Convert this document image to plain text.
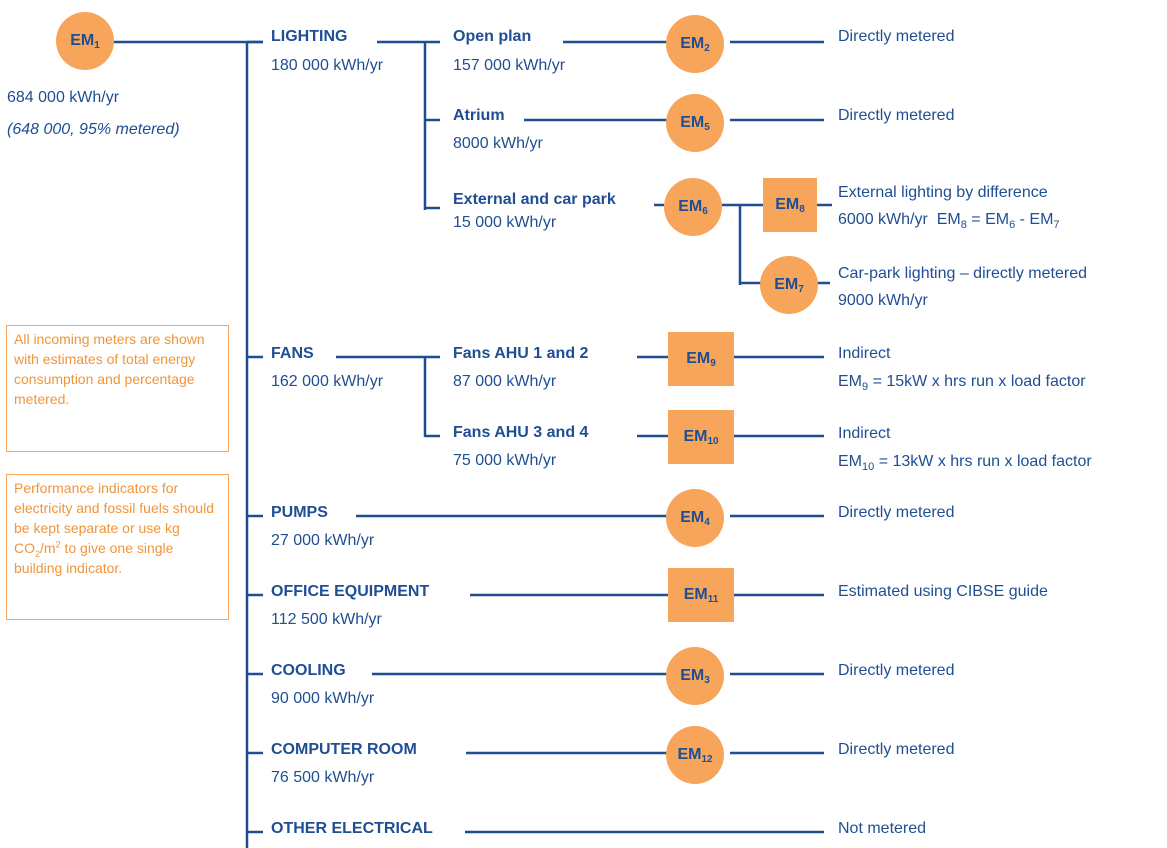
$EM_1$
684 000 kWh/yr
(648 000, 95% metered)
LIGHTING
180 000 kWh/yr
FANS
162 000 kWh/yr
PUMPS
27 000 kWh/yr
OFFICE EQUIPMENT
112 500 kWh/yr
COOLING
90 000 kWh/yr
COMPUTER ROOM
76 500 kWh/yr
OTHER ELECTRICAL
Open plan
157 000 kWh/yr
Atrium
8000 kWh/yr
External and car park
15 000 kWh/yr
Fans AHU 1 and 2
87 000 kWh/yr
Fans AHU 3 and 4
75 000 kWh/yr
$EM_2$
$EM_5$
$EM_6$	$EM_8$
$EM_7$
$EM_9$
$EM_{10}$
$EM_4$
$EM_{11}$
$EM_3$
$EM_{12}$
Directly metered
Directly metered
External lighting by difference
6000 kWh/yr $EM_8 = EM_6 - EM_7$
Car-park lighting – directly metered
9000 kWh/yr
Indirect
$EM_9 = 15kW$ x hrs run x load factor
Indirect
$EM_{10} = 13kW$ x hrs run x load factor
Directly metered
Estimated using CIBSE guide
Directly metered
Directly metered
Not metered
All incoming meters are shown with estimates of total energy consumption and percentage metered.
Performance indicators for electricity and fossil fuels should be kept separate or use kg $CO_2/m^2$ to give one single building indicator.
